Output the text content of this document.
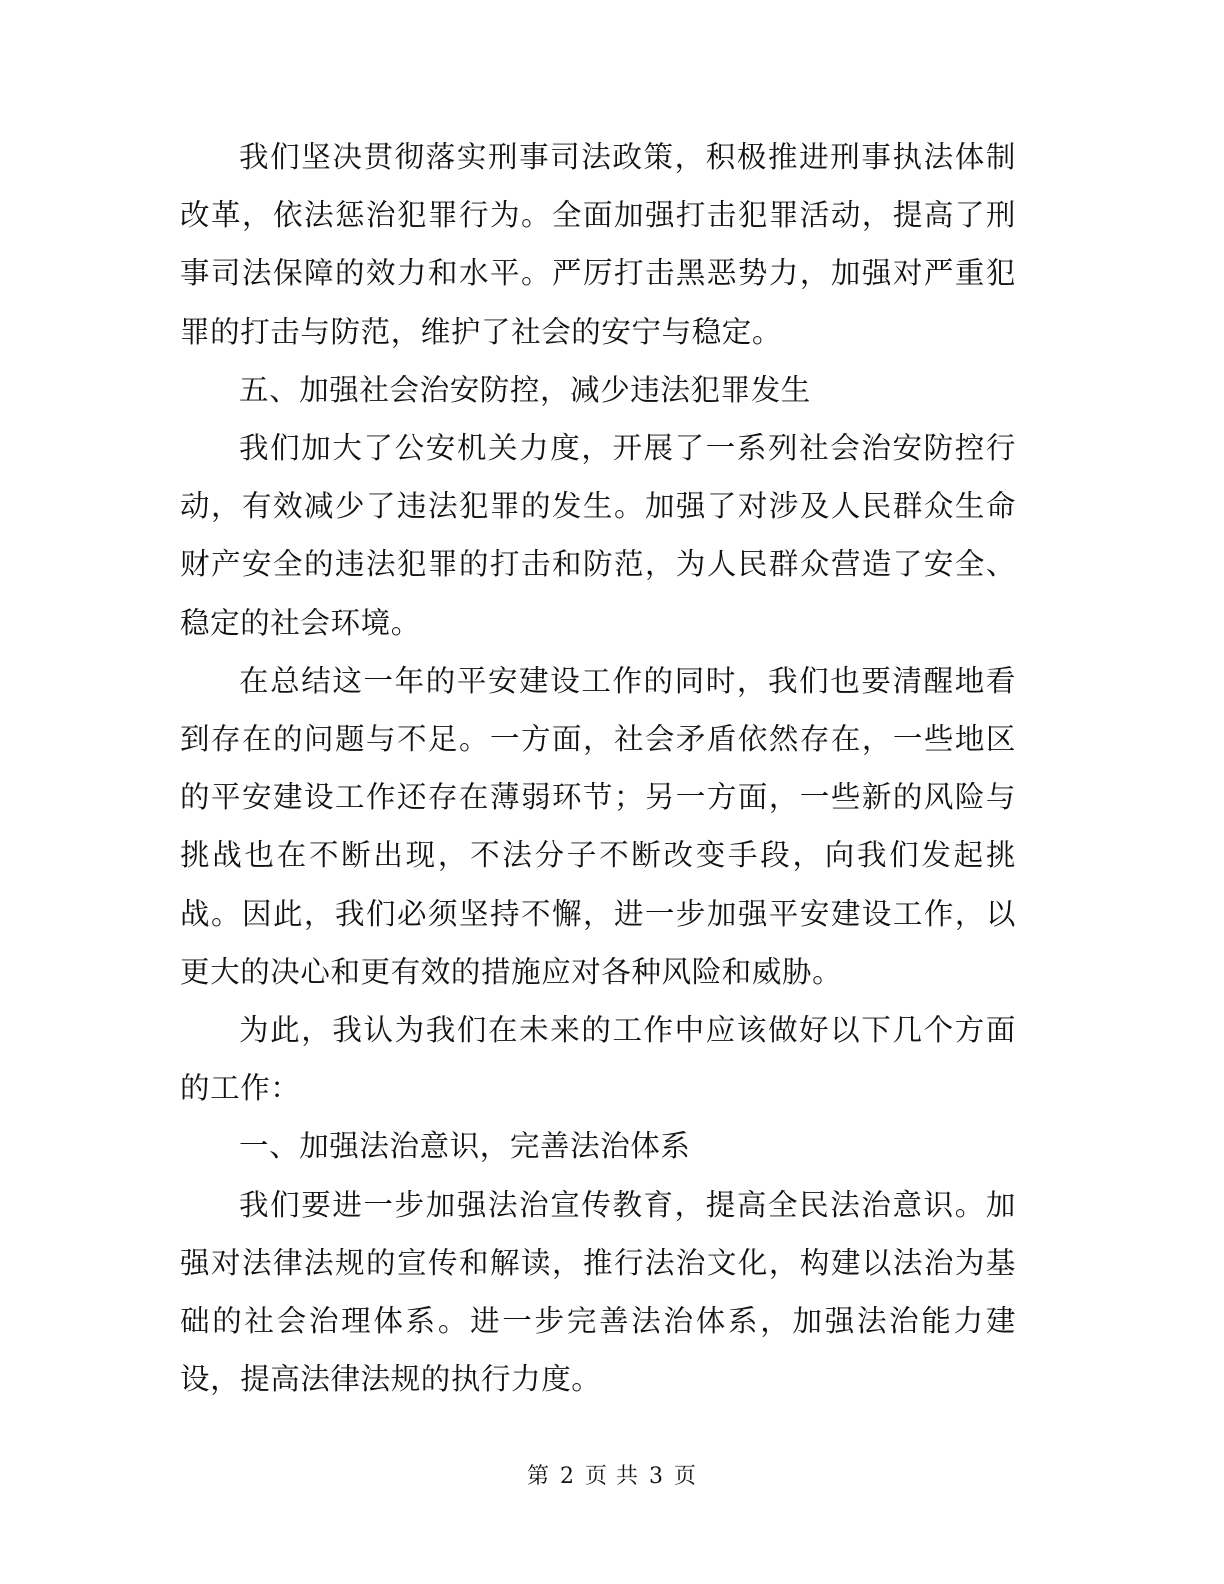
我们坚决贯彻落实刑事司法政策，积极推进刑事执法体制改革，依法惩治犯罪行为。全面加强打击犯罪活动，提高了刑事司法保障的效力和水平。严厉打击黑恶势力，加强对严重犯罪的打击与防范，维护了社会的安宁与稳定。

五、加强社会治安防控，减少违法犯罪发生

我们加大了公安机关力度，开展了一系列社会治安防控行动，有效减少了违法犯罪的发生。加强了对涉及人民群众生命财产安全的违法犯罪的打击和防范，为人民群众营造了安全、稳定的社会环境。

在总结这一年的平安建设工作的同时，我们也要清醒地看到存在的问题与不足。一方面，社会矛盾依然存在，一些地区的平安建设工作还存在薄弱环节；另一方面，一些新的风险与挑战也在不断出现，不法分子不断改变手段，向我们发起挑战。因此，我们必须坚持不懈，进一步加强平安建设工作，以更大的决心和更有效的措施应对各种风险和威胁。

为此，我认为我们在未来的工作中应该做好以下几个方面的工作：

一、加强法治意识，完善法治体系

我们要进一步加强法治宣传教育，提高全民法治意识。加强对法律法规的宣传和解读，推行法治文化，构建以法治为基础的社会治理体系。进一步完善法治体系，加强法治能力建设，提高法律法规的执行力度。

第 2 页 共 3 页
